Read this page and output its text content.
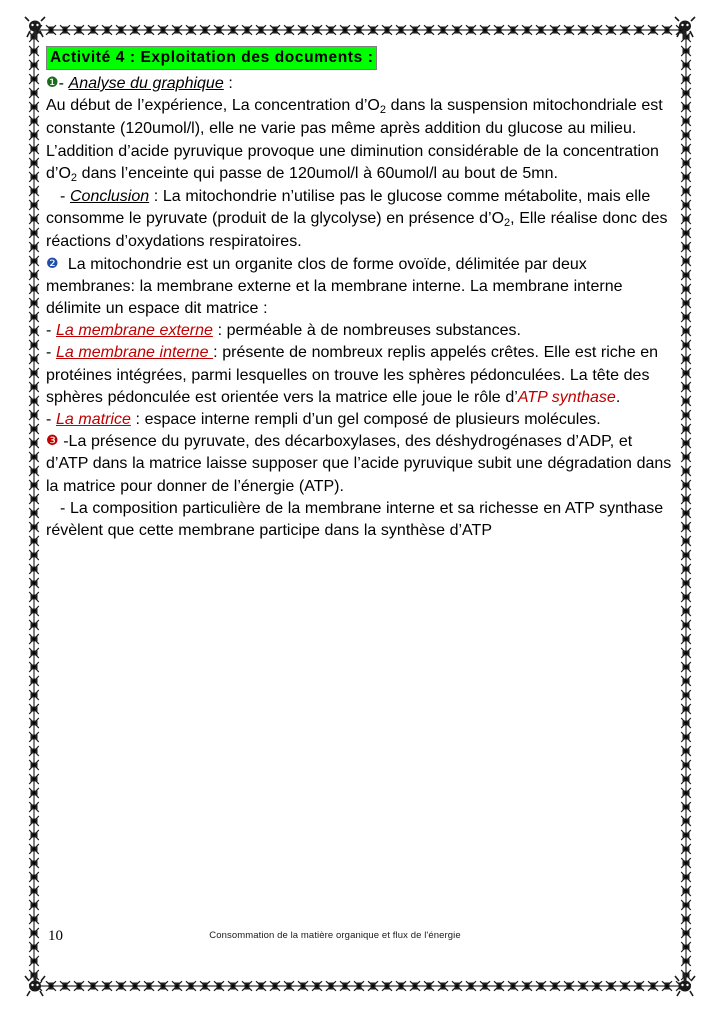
Activité 4 : Exploitation des documents :

❶- Analyse du graphique :

Au début de l’expérience, La concentration $d’O_2$ dans la suspension mitochondriale est constante (120umol/l), elle ne varie pas même après addition du glucose au milieu. L’addition d’acide pyruvique provoque une diminution considérable de la concentration $d’O_2$ dans l’enceinte qui passe de 120umol/l à 60umol/l au bout de 5mn.

- Conclusion : La mitochondrie n’utilise pas le glucose comme métabolite, mais elle consomme le pyruvate (produit de la glycolyse) en présence $d’O_2$, Elle réalise donc des réactions d’oxydations respiratoires.

❷ La mitochondrie est un organite clos de forme ovoïde, délimitée par deux membranes: la membrane externe et la membrane interne. La membrane interne délimite un espace dit matrice :

- La membrane externe : perméable à de nombreuses substances.

- La membrane interne : présente de nombreux replis appelés crêtes. Elle est riche en protéines intégrées, parmi lesquelles on trouve les sphères pédonculées. La tête des sphères pédonculée est orientée vers la matrice elle joue le rôle d’ATP synthase.

- La matrice : espace interne rempli d’un gel composé de plusieurs molécules.

❸ -La présence du pyruvate, des décarboxylases, des déshydrogénases d’ADP, et d’ATP dans la matrice laisse supposer que l’acide pyruvique subit une dégradation dans la matrice pour donner de l’énergie (ATP).

- La composition particulière de la membrane interne et sa richesse en ATP synthase révèlent que cette membrane participe dans la synthèse d’ATP

10	Consommation de la matière organique et flux de l'énergie
